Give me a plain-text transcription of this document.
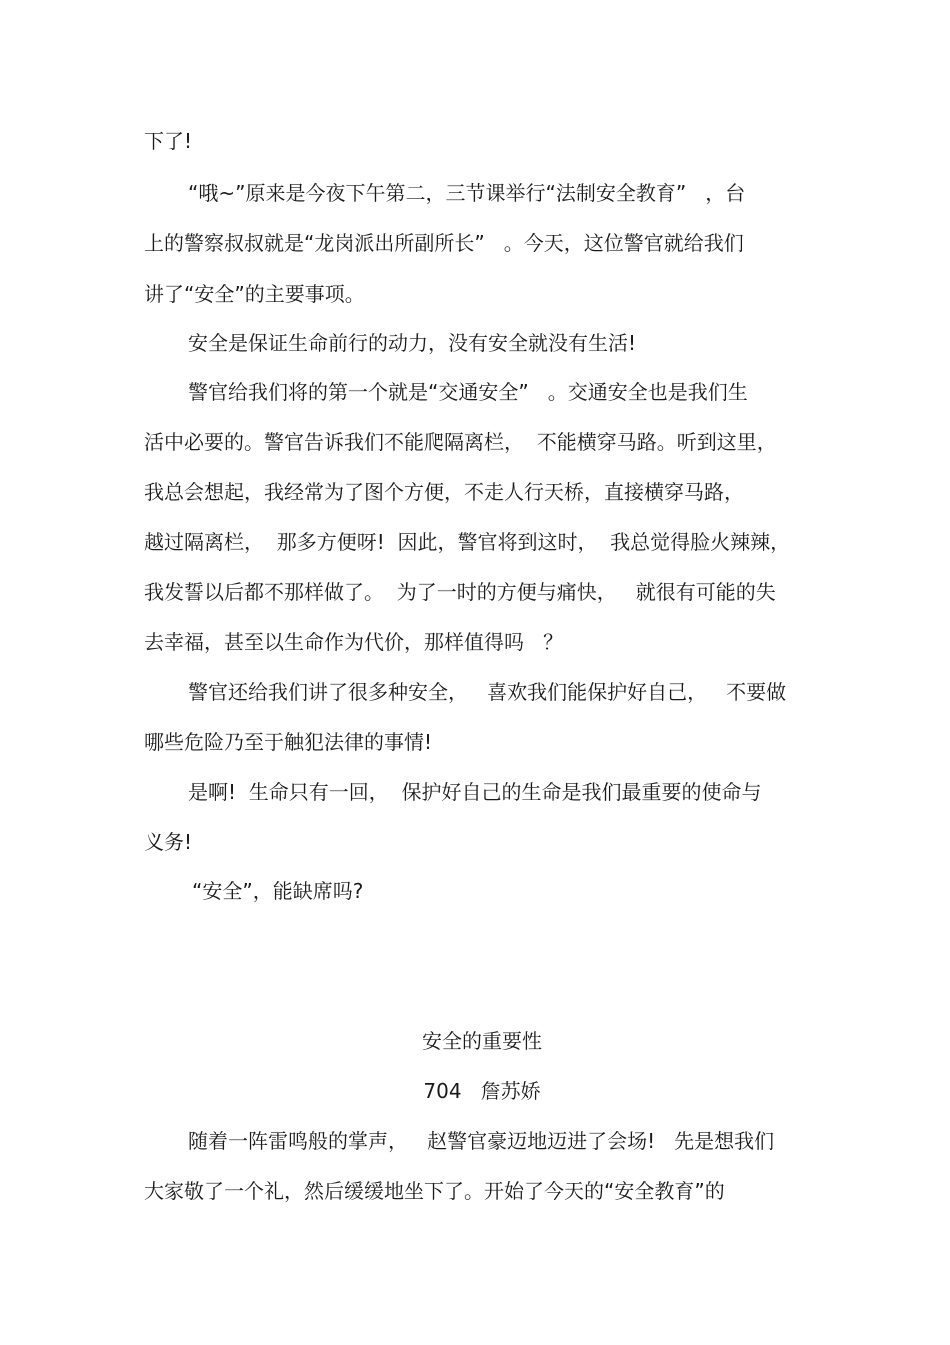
下了!
“哦~”原来是今夜下午第二，三节课举行“法制安全教育”   ，台
上的警察叔叔就是“龙岗派出所副所长”   。今天，这位警官就给我们
讲了“安全”的主要事项。
安全是保证生命前行的动力，没有安全就没有生活!
警官给我们将的第一个就是“交通安全”   。交通安全也是我们生
活中必要的。警官告诉我们不能爬隔离栏，  不能横穿马路。听到这里，
我总会想起，我经常为了图个方便，不走人行天桥，直接横穿马路，
越过隔离栏，  那多方便呀!  因此，警官将到这时，  我总觉得脸火辣辣，
我发誓以后都不那样做了。  为了一时的方便与痛快，   就很有可能的失
去幸福，甚至以生命作为代价，那样值得吗   ？
警官还给我们讲了很多种安全，   喜欢我们能保护好自己，   不要做
哪些危险乃至于触犯法律的事情!
是啊!  生命只有一回，  保护好自己的生命是我们最重要的使命与
义务!
“安全”，能缺席吗?
安全的重要性
704   詹苏娇
随着一阵雷鸣般的掌声，   赵警官豪迈地迈进了会场!   先是想我们
大家敬了一个礼，然后缓缓地坐下了。开始了今天的“安全教育”的
